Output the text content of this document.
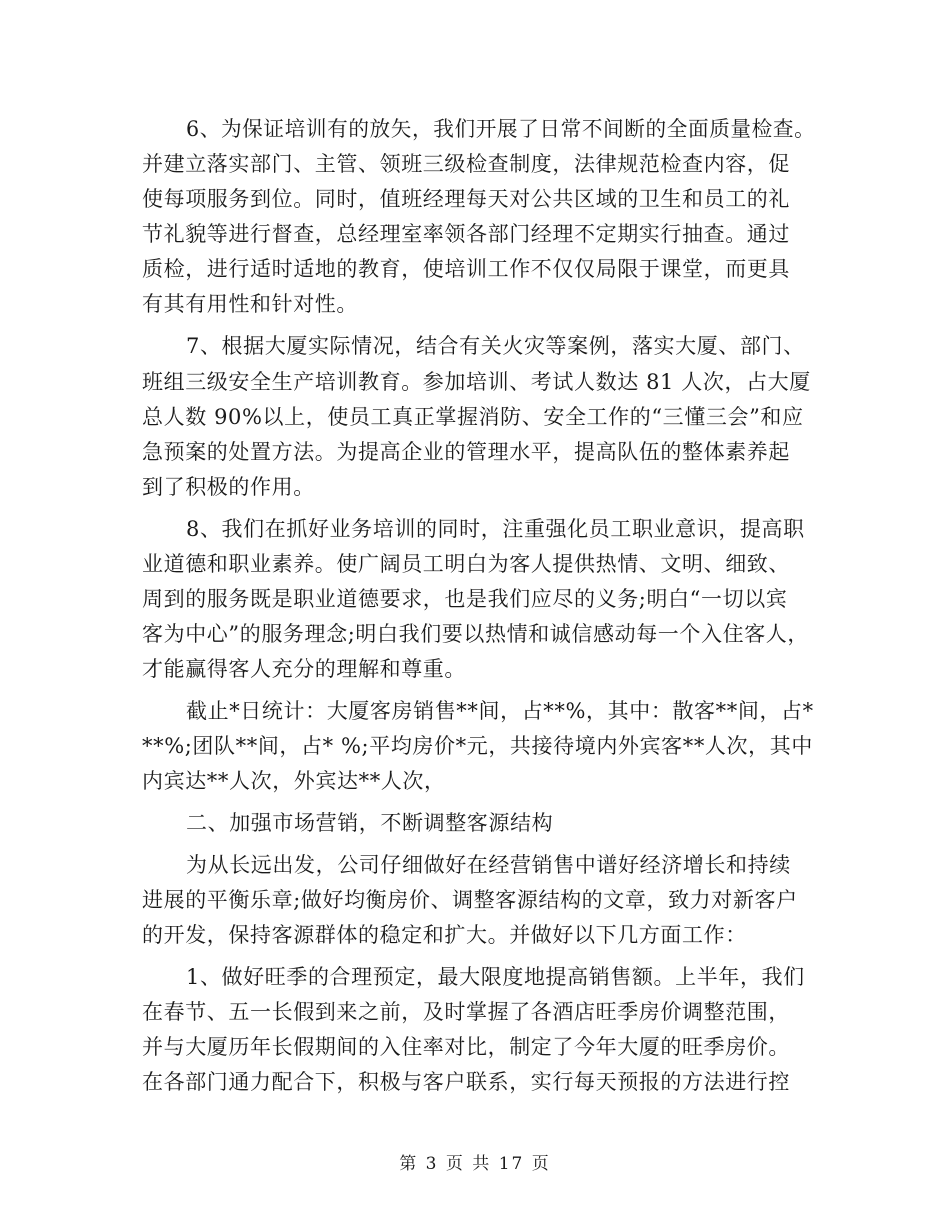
6、为保证培训有的放矢，我们开展了日常不间断的全面质量检查。
并建立落实部门、主管、领班三级检查制度，法律规范检查内容，促
使每项服务到位。同时，值班经理每天对公共区域的卫生和员工的礼
节礼貌等进行督查，总经理室率领各部门经理不定期实行抽查。通过
质检，进行适时适地的教育，使培训工作不仅仅局限于课堂，而更具
有其有用性和针对性。
7、根据大厦实际情况，结合有关火灾等案例，落实大厦、部门、
班组三级安全生产培训教育。参加培训、考试人数达 81 人次，占大厦
总人数 90%以上，使员工真正掌握消防、安全工作的“三懂三会”和应
急预案的处置方法。为提高企业的管理水平，提高队伍的整体素养起
到了积极的作用。
8、我们在抓好业务培训的同时，注重强化员工职业意识，提高职
业道德和职业素养。使广阔员工明白为客人提供热情、文明、细致、
周到的服务既是职业道德要求，也是我们应尽的义务;明白“一切以宾
客为中心”的服务理念;明白我们要以热情和诚信感动每一个入住客人，
才能赢得客人充分的理解和尊重。
截止*日统计：大厦客房销售**间，占**%，其中：散客**间，占*
**%;团队**间，占* %;平均房价*元，共接待境内外宾客**人次，其中
内宾达**人次，外宾达**人次，
二、加强市场营销，不断调整客源结构
为从长远出发，公司仔细做好在经营销售中谱好经济增长和持续
进展的平衡乐章;做好均衡房价、调整客源结构的文章，致力对新客户
的开发，保持客源群体的稳定和扩大。并做好以下几方面工作：
1、做好旺季的合理预定，最大限度地提高销售额。上半年，我们
在春节、五一长假到来之前，及时掌握了各酒店旺季房价调整范围，
并与大厦历年长假期间的入住率对比，制定了今年大厦的旺季房价。
在各部门通力配合下，积极与客户联系，实行每天预报的方法进行控
第 3 页 共 17 页
